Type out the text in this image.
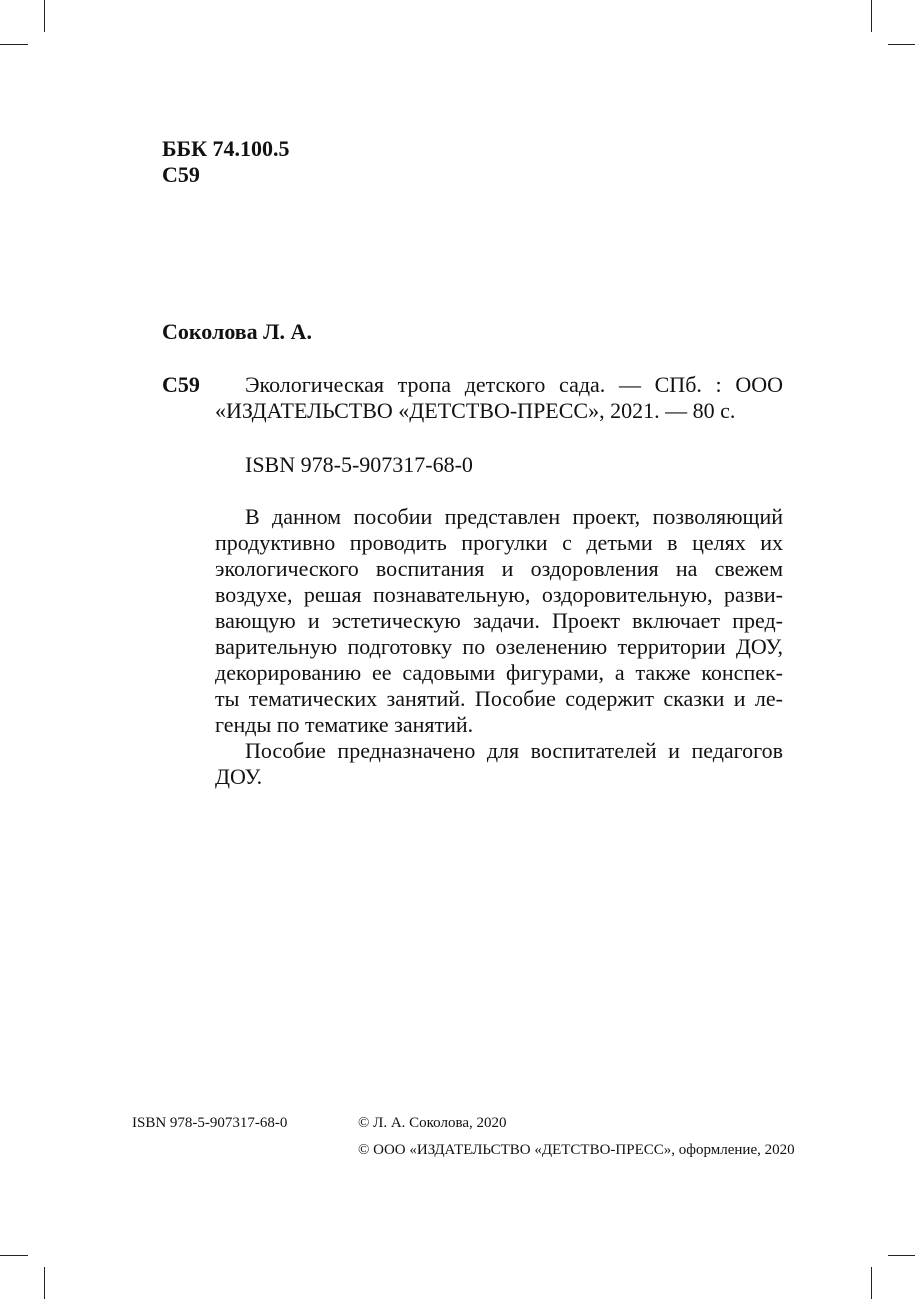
ББК 74.100.5
С59
Соколова Л. А.
С59 Экологическая тропа детского сада. — СПб. : ООО
«ИЗДАТЕЛЬСТВО «ДЕТСТВО-ПРЕСС», 2021. — 80 с.
ISBN 978-5-907317-68-0
В данном пособии представлен проект, позволяющий
продуктивно проводить прогулки с детьми в целях их
экологического воспитания и оздоровления на свежем
воздухе, решая познавательную, оздоровительную, разви-
вающую и эстетическую задачи. Проект включает пред-
варительную подготовку по озеленению территории ДОУ,
декорированию ее садовыми фигурами, а также конспек-
ты тематических занятий. Пособие содержит сказки и ле-
генды по тематике занятий.
Пособие предназначено для воспитателей и педагогов
ДОУ.
ISBN 978-5-907317-68-0	© Л. А. Соколова, 2020
© ООО «ИЗДАТЕЛЬСТВО «ДЕТСТВО-ПРЕСС», оформление, 2020
